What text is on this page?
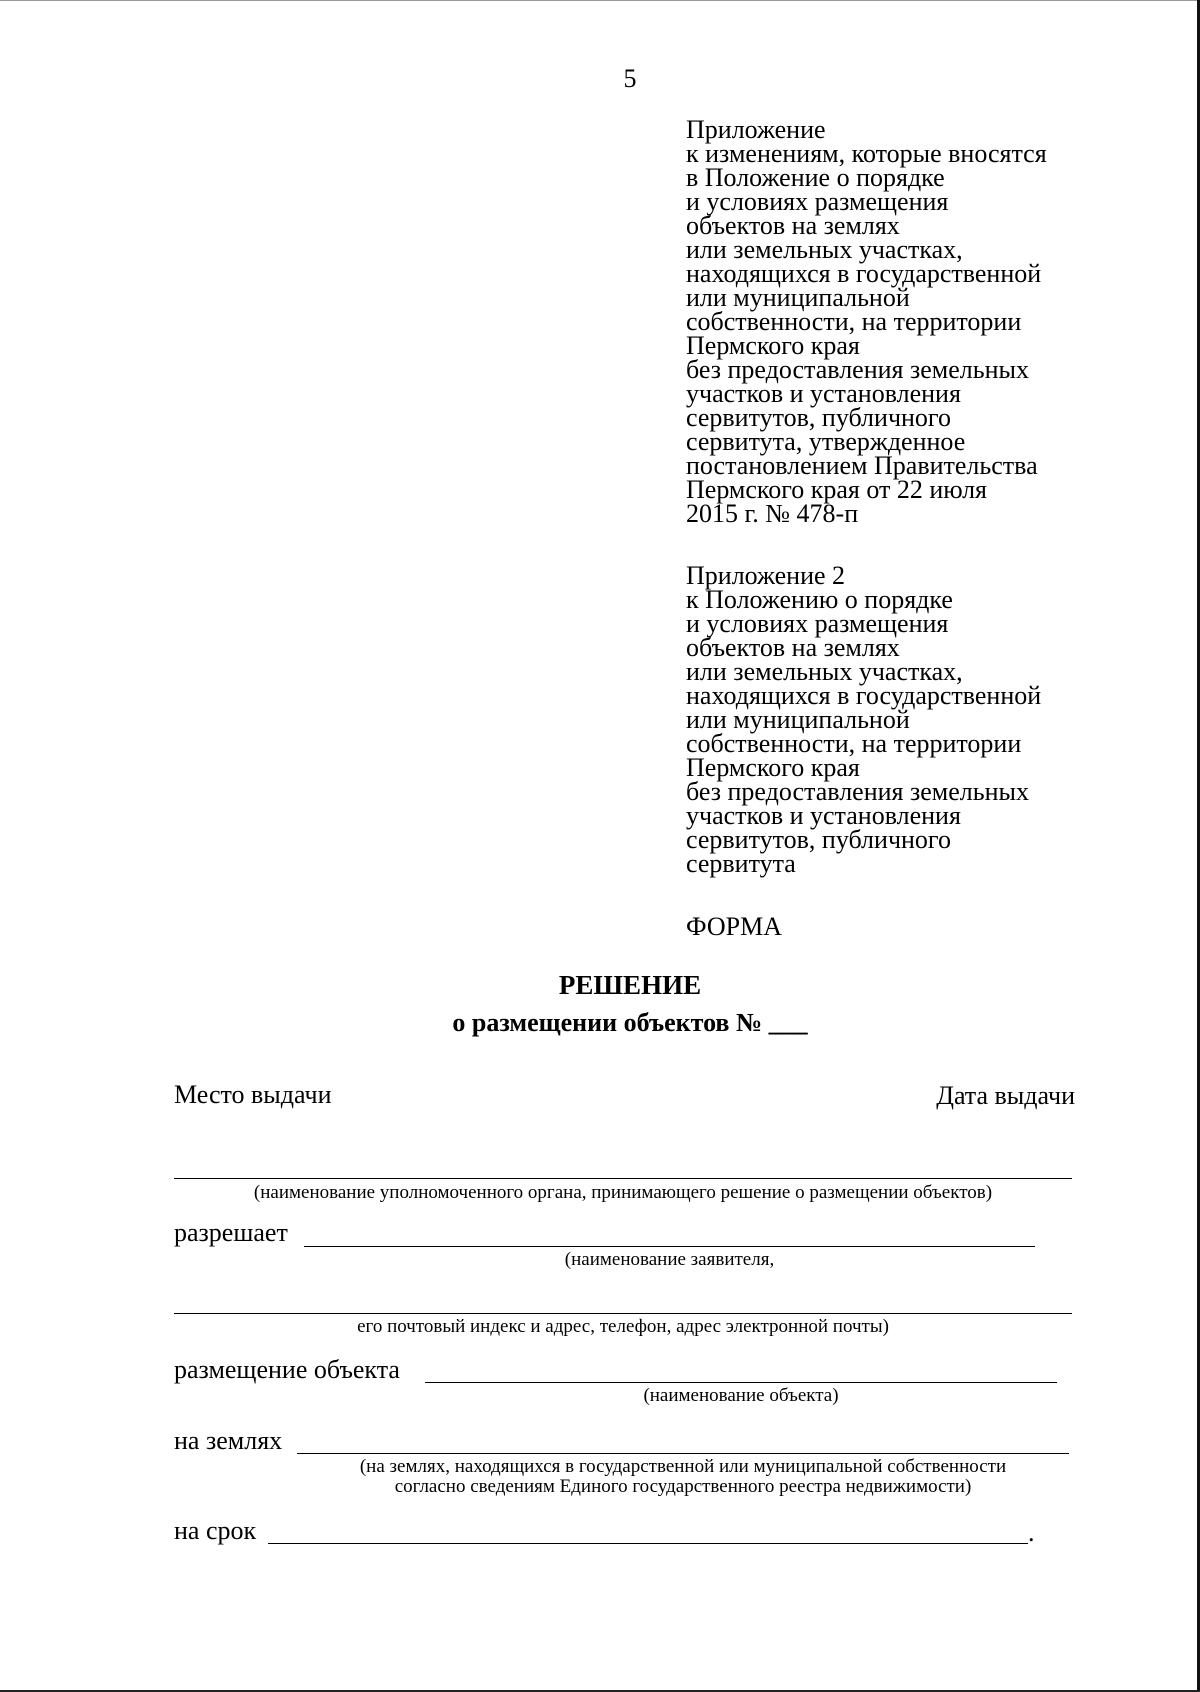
5
Приложение
к изменениям, которые вносятся
в Положение о порядке
и условиях размещения
объектов на землях
или земельных участках,
находящихся в государственной
или муниципальной
собственности, на территории
Пермского края
без предоставления земельных
участков и установления
сервитутов, публичного
сервитута, утвержденное
постановлением Правительства
Пермского края от 22 июля
2015 г. № 478-п
Приложение 2
к Положению о порядке
и условиях размещения
объектов на землях
или земельных участках,
находящихся в государственной
или муниципальной
собственности, на территории
Пермского края
без предоставления земельных
участков и установления
сервитутов, публичного
сервитута
ФОРМА
РЕШЕНИЕ
о размещении объектов № ___
Место выдачи	Дата выдачи
(наименование уполномоченного органа, принимающего решение о размещении объектов)
разрешает
(наименование заявителя,
его почтовый индекс и адрес, телефон, адрес электронной почты)
размещение объекта
(наименование объекта)
на землях
(на землях, находящихся в государственной или муниципальной собственности
согласно сведениям Единого государственного реестра недвижимости)
на срок	.
